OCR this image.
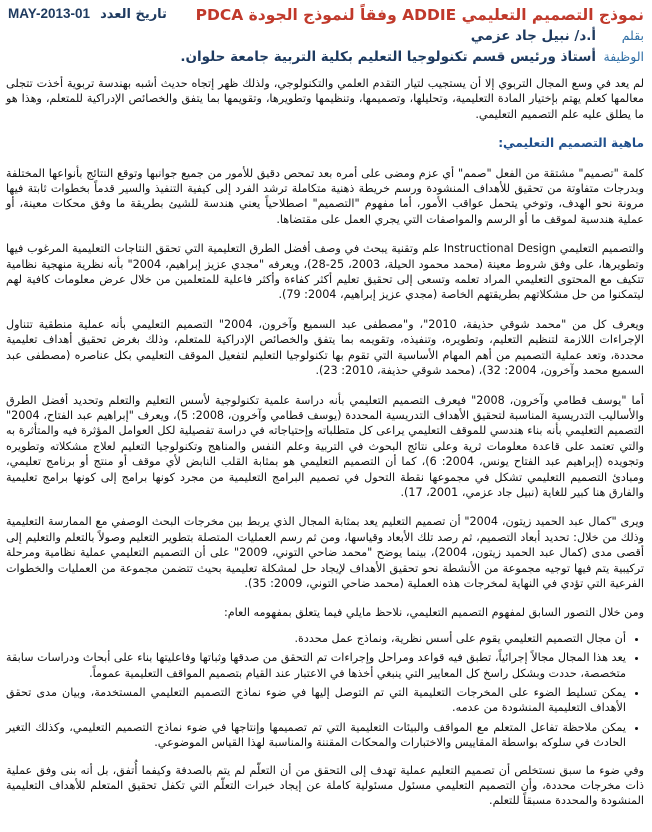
نموذج التصميم التعليمي ADDIE وفقاً لنموذج الجودة PDCA
MAY-2013-01 تاريخ العدد
بقلم أ.د/ نبيل جاد عزمي
الوظيفة أستاذ ورئيس قسم تكنولوجيا التعليم بكلية التربية جامعة حلوان.

لم يعد في وسع المجال التربوي إلا أن يستجيب لتيار التقدم العلمي والتكنولوجي، ولذلك ظهر إتجاه حديث أشبه بهندسة تربوية أخذت تتجلى معالمها كعلم يهتم بإختيار المادة التعليمية، وتحليلها، وتصميمها، وتنظيمها وتطويرها، وتقويمها بما يتفق والخصائص الإدراكية للمتعلم، وهذا هو ما يطلق عليه علم التصميم التعليمي.

ماهية التصميم التعليمي:

كلمة "تصميم" مشتقة من الفعل "صمم" أي عزم ومضى على أمره بعد تمحص دقيق للأمور من جميع جوانبها وتوقع النتائج بأنواعها المختلفة وبدرجات متفاوتة من تحقيق للأهداف المنشودة ورسم خريطة ذهنية متكاملة ترشد الفرد إلى كيفية التنفيذ والسير قدماً بخطوات ثابتة فيها مرونة نحو الهدف، وتوخي يتحمل عواقب الأمور، أما مفهوم "التصميم" اصطلاحياً يعني هندسة للشيئ بطريقة ما وفق محكات معينة، أو عملية هندسية لموقف ما أو الرسم والمواصفات التي يجري العمل على مقتضاها.

والتصميم التعليمي Instructional Design علم وتقنية يبحث في وصف أفضل الطرق التعليمية التي تحقق النتاجات التعليمية المرغوب فيها وتطويرها، على وفق شروط معينة (محمد محمود الحيلة، 2003، 25-28)، ويعرفه "مجدي عزيز إبراهيم، 2004" بأنه نظرية منهجية نظامية تتكيف مع المحتوى التعليمي المراد تعلمه وتسعى إلى تحقيق تعليم أكثر كفاءة وأكثر فاعلية للمتعلمين من خلال عرض معلومات كافية لهم ليتمكنوا من حل مشكلاتهم بطريقتهم الخاصة (مجدي عزيز إبراهيم، 2004: 79).

ويعرف كل من "محمد شوقي حذيفة، 2010"، و"مصطفى عبد السميع وآخرون، 2004" التصميم التعليمي بأنه عملية منطقية تتناول الإجراءات اللازمة لتنظيم التعليم، وتطويره، وتنفيذه، وتقويمه بما يتفق والخصائص الإدراكية للمتعلم، وذلك بغرض تحقيق أهداف تعليمية محددة، وتعد عملية التصميم من أهم المهام الأساسية التي تقوم بها تكنولوجيا التعليم لتفعيل الموقف التعليمي بكل عناصره (مصطفى عبد السميع محمد وآخرون، 2004: 32)، (محمد شوقي حذيفة، 2010: 23).

أما "يوسف قطامي وآخرون، 2008" فيعرف التصميم التعليمي بأنه دراسة علمية تكنولوجية لأسس التعليم والتعلم وتحديد أفضل الطرق والأساليب التدريسية المناسبة لتحقيق الأهداف التدريسية المحددة (يوسف قطامي وآخرون، 2008: 5)، ويعرف "إبراهيم عبد الفتاح، 2004" التصميم التعليمي بأنه بناء هندسي للموقف التعليمي يراعى كل متطلباته وإحتياجاته في دراسة تفصيلية لكل العوامل المؤثرة فيه والمتأثرة به والتي تعتمد على قاعدة معلومات ثرية وعلى نتائج البحوث في التربية وعلم النفس والمناهج وتكنولوجيا التعليم لعلاج مشكلاته وتطويره وتجويده (إبراهيم عبد الفتاح يونس، 2004: 6)، كما أن التصميم التعليمي هو بمثابة القلب النابض لأي موقف أو منتج أو برنامج تعليمي، ومبادئ التصميم التعليمي تشكل في مجموعها نقطة التحول في تصميم البرامج التعليمية من مجرد كونها برامج إلى كونها برامج تعليمية والفارق هنا كبير للغاية (نبيل جاد عزمي، 2001، 17).

ويرى "كمال عبد الحميد زيتون، 2004" أن تصميم التعليم يعد بمثابة المجال الذي يربط بين مخرجات البحث الوصفي مع الممارسة التعليمية وذلك من خلال: تحديد أبعاد التصميم، ثم رصد تلك الأبعاد وقياسها، ومن ثم رسم العمليات المتصلة بتطوير التعليم وصولاً بالتعلم والتعليم إلى أقصى مدى (كمال عبد الحميد زيتون، 2004)، بينما يوضح "محمد ضاحي التوني، 2009" على أن التصميم التعليمي عملية نظامية ومرحلة تركيبية يتم فيها توجيه مجموعة من الأنشطة نحو تحقيق الأهداف لإيجاد حل لمشكلة تعليمية بحيث تتضمن مجموعة من العمليات والخطوات الفرعية التي تؤدي في النهاية لمخرجات هذه العملية (محمد ضاحي التوني، 2009: 35).

ومن خلال التصور السابق لمفهوم التصميم التعليمي، نلاحظ مايلي فيما يتعلق بمفهومه العام:

• أن مجال التصميم التعليمي يقوم على أسس نظرية، ونماذج عمل محددة.
• يعد هذا المجال مجالاً إجرائياً، تطبق فيه قواعد ومراحل وإجراءات تم التحقق من صدقها وثباتها وفاعليتها بناء على أبحاث ودراسات سابقة متخصصة، حددت وبشكل راسخ كل المعايير التي ينبغي أخذها في الاعتبار عند القيام بتصميم المواقف التعليمية عموماً.
• يمكن تسليط الضوء على المخرجات التعليمية التي تم التوصل إليها في ضوء نماذج التصميم التعليمي المستخدمة، وبيان مدى تحقق الأهداف التعليمية المنشودة من عدمه.
• يمكن ملاحظة تفاعل المتعلم مع المواقف والبيئات التعليمية التي تم تصميمها وإنتاجها في ضوء نماذج التصميم التعليمي، وكذلك التغير الحادث في سلوكه بواسطة المقاييس والاختبارات والمحكات المقننة والمناسبة لهذا القياس الموضوعي.

وفي ضوء ما سبق نستخلص أن تصميم التعليم عملية تهدف إلى التحقق من أن التعلّم لم يتم بالصدفة وكيفما أُتفق، بل أنه بنى وفق عملية ذات مخرجات محددة، وأن التصميم التعليمي مسئول مسئولية كاملة عن إيجاد خبرات التعلّم التي تكفل تحقيق المتعلم للأهداف التعليمية المنشودة والمحددة مسبقاً للتعلم.
